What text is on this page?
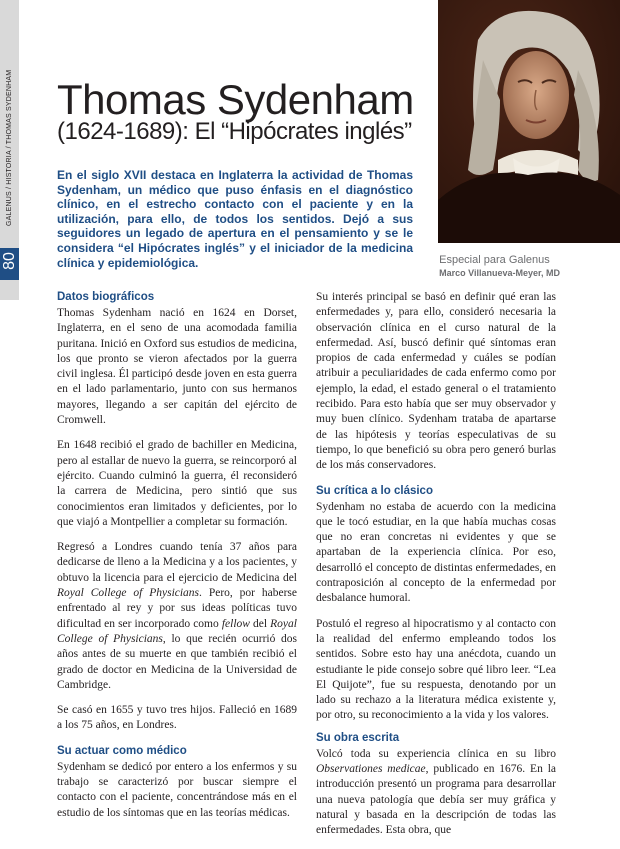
GALENUS / HISTORIA / THOMAS SYDENHAM
80
Thomas Sydenham
(1624-1689): El “Hipócrates inglés”

En el siglo XVII destaca en Inglaterra la actividad de Thomas Sydenham, un médico que puso énfasis en el diagnóstico clínico, en el estrecho contacto con el paciente y en la utilización, para ello, de todos los sentidos. Dejó a sus seguidores un legado de apertura en el pensamiento y se le considera “el Hipócrates inglés” y el iniciador de la medicina clínica y epidemiológica.	Especial para Galenus
Marco Villanueva-Meyer, MD
Datos biográficos

Thomas Sydenham nació en 1624 en Dorset, Inglaterra, en el seno de una acomodada familia puritana. Inició en Oxford sus estudios de medicina, los que pronto se vieron afectados por la guerra civil inglesa. Él participó desde joven en esta guerra en el lado parlamentario, junto con sus hermanos mayores, llegando a ser capitán del ejército de Cromwell.

En 1648 recibió el grado de bachiller en Medicina, pero al estallar de nuevo la guerra, se reincorporó al ejército. Cuando culminó la guerra, él reconsideró la carrera de Medicina, pero sintió que sus conocimientos eran limitados y deficientes, por lo que viajó a Montpellier a completar su formación.

Regresó a Londres cuando tenía 37 años para dedicarse de lleno a la Medicina y a los pacientes, y obtuvo la licencia para el ejercicio de Medicina del Royal College of Physicians. Pero, por haberse enfrentado al rey y por sus ideas políticas tuvo dificultad en ser incorporado como fellow del Royal College of Physicians, lo que recién ocurrió dos años antes de su muerte en que también recibió el grado de doctor en Medicina de la Universidad de Cambridge.

Se casó en 1655 y tuvo tres hijos. Falleció en 1689 a los 75 años, en Londres.

Su actuar como médico

Sydenham se dedicó por entero a los enfermos y su trabajo se caracterizó por buscar siempre el contacto con el paciente, concentrándose más en el estudio de los síntomas que en las teorías médicas.

Su interés principal se basó en definir qué eran las enfermedades y, para ello, consideró necesaria la observación clínica en el curso natural de la enfermedad. Así, buscó definir qué síntomas eran propios de cada enfermedad y cuáles se podían atribuir a peculiaridades de cada enfermo como por ejemplo, la edad, el estado general o el tratamiento recibido. Para esto había que ser muy observador y muy buen clínico. Sydenham trataba de apartarse de las hipótesis y teorías especulativas de su tiempo, lo que benefició su obra pero generó burlas de los más conservadores.

Su crítica a lo clásico

Sydenham no estaba de acuerdo con la medicina que le tocó estudiar, en la que había muchas cosas que no eran concretas ni evidentes y que se apartaban de la experiencia clínica. Por eso, desarrolló el concepto de distintas enfermedades, en contraposición al concepto de la enfermedad por desbalance humoral.

Postuló el regreso al hipocratismo y al contacto con la realidad del enfermo empleando todos los sentidos. Sobre esto hay una anécdota, cuando un estudiante le pide consejo sobre qué libro leer. “Lea El Quijote”, fue su respuesta, denotando por un lado su rechazo a la literatura médica existente y, por otro, su reconocimiento a la vida y los valores.

Su obra escrita

Volcó toda su experiencia clínica en su libro Observationes medicae, publicado en 1676. En la introducción presentó un programa para desarrollar una nueva patología que debía ser muy gráfica y natural y basada en la descripción de todas las enfermedades. Esta obra, que
